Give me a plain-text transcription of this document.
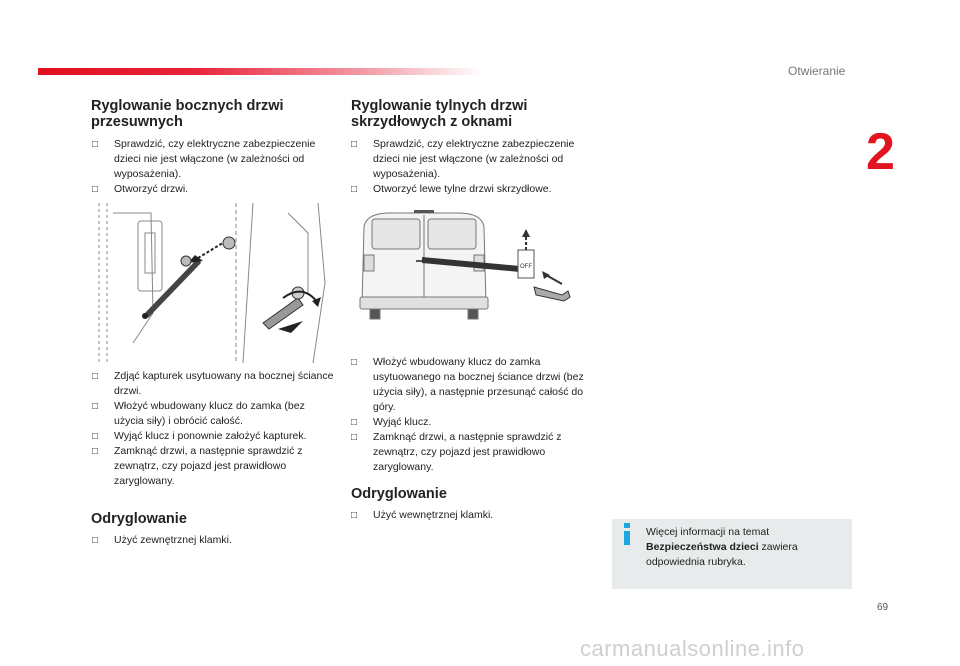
Otwieranie
2
Ryglowanie bocznych drzwi
przesuwnych
□ Sprawdzić, czy elektryczne zabezpieczenie dzieci nie jest włączone (w zależności od wyposażenia).
□ Otworzyć drzwi.
□ Zdjąć kapturek usytuowany na bocznej ściance drzwi.
□ Włożyć wbudowany klucz do zamka (bez użycia siły) i obrócić całość.
□ Wyjąć klucz i ponownie założyć kapturek.
□ Zamknąć drzwi, a następnie sprawdzić z zewnątrz, czy pojazd jest prawidłowo zaryglowany.
Odryglowanie
□ Użyć zewnętrznej klamki.
Ryglowanie tylnych drzwi
skrzydłowych z oknami
□ Sprawdzić, czy elektryczne zabezpieczenie dzieci nie jest włączone (w zależności od wyposażenia).
□ Otworzyć lewe tylne drzwi skrzydłowe.
OFF
□ Włożyć wbudowany klucz do zamka usytuowanego na bocznej ściance drzwi (bez użycia siły), a następnie przesunąć całość do góry.
□ Wyjąć klucz.
□ Zamknąć drzwi, a następnie sprawdzić z zewnątrz, czy pojazd jest prawidłowo zaryglowany.
Odryglowanie
□ Użyć wewnętrznej klamki.
Więcej informacji na temat Bezpieczeństwa dzieci zawiera odpowiednia rubryka.
69
carmanualsonline.info
